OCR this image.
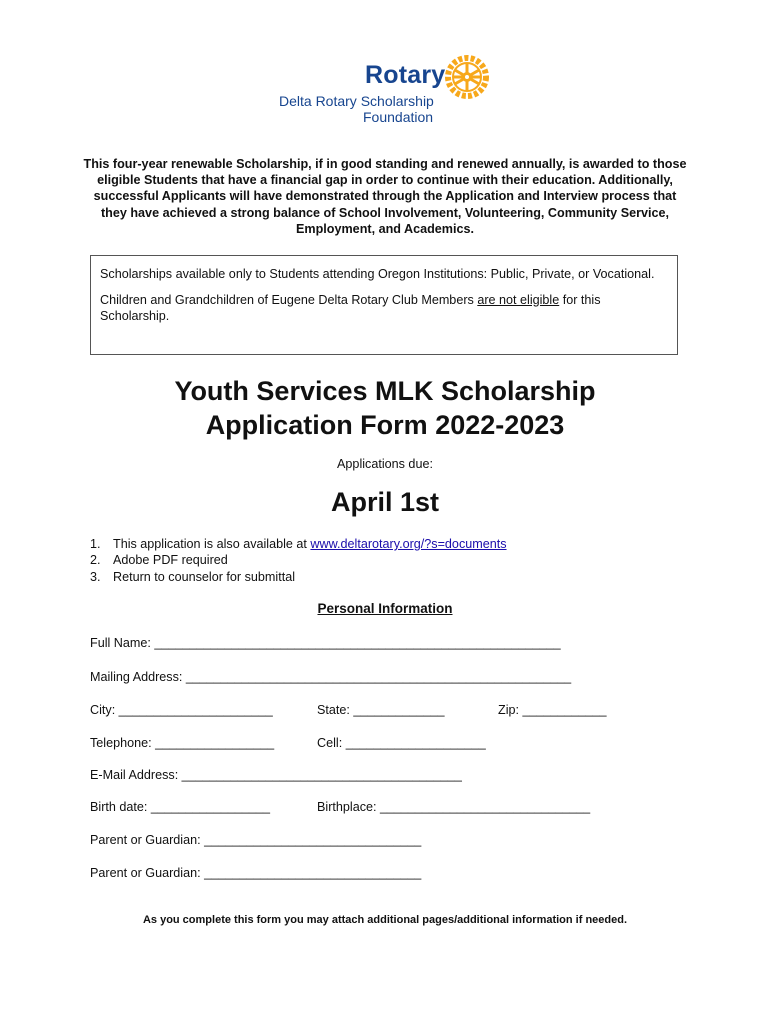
Rotary
Delta Rotary Scholarship
Foundation
This four-year renewable Scholarship, if in good standing and renewed annually, is awarded to those eligible Students that have a financial gap in order to continue with their education. Additionally, successful Applicants will have demonstrated through the Application and Interview process that they have achieved a strong balance of School Involvement, Volunteering, Community Service, Employment, and Academics.

Scholarships available only to Students attending Oregon Institutions: Public, Private, or Vocational.

Children and Grandchildren of Eugene Delta Rotary Club Members are not eligible for this Scholarship.

Youth Services MLK Scholarship
Application Form 2022-2023
Applications due:
April 1st
1. This application is also available at www.deltarotary.org/?s=documents
2. Adobe PDF required
3. Return to counselor for submittal
Personal Information
Full Name: __________________________________________________________
Mailing Address: _______________________________________________________
City: ______________________	State: _____________	Zip: ____________
Telephone: _________________	Cell: ____________________
E-Mail Address: ________________________________________
Birth date: _________________	Birthplace: ______________________________
Parent or Guardian: _______________________________
Parent or Guardian: _______________________________
As you complete this form you may attach additional pages/additional information if needed.
